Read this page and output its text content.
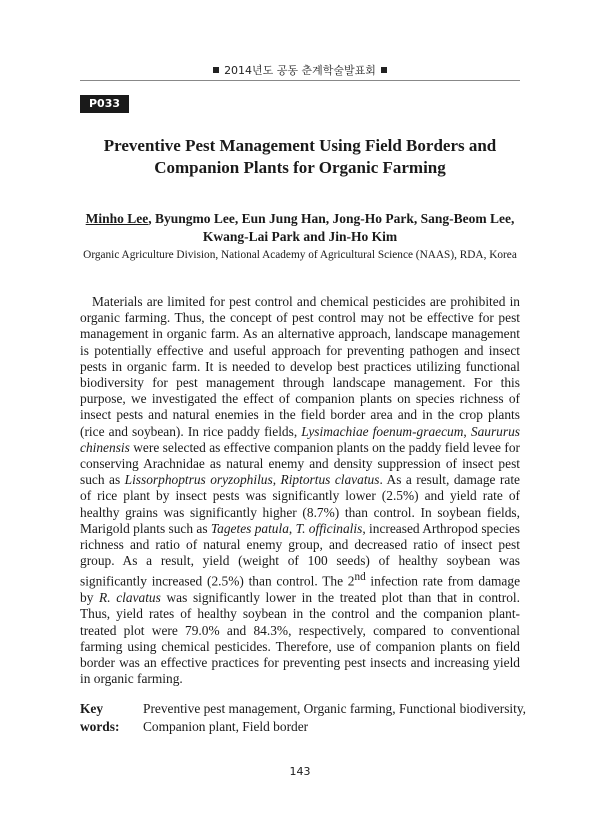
2014년도 공동 춘계학술발표회
P033
Preventive Pest Management Using Field Borders and
Companion Plants for Organic Farming
Minho Lee, Byungmo Lee, Eun Jung Han, Jong-Ho Park, Sang-Beom Lee,
Kwang-Lai Park and Jin-Ho Kim
Organic Agriculture Division, National Academy of Agricultural Science (NAAS), RDA, Korea

Materials are limited for pest control and chemical pesticides are prohibited in organic farming. Thus, the concept of pest control may not be effective for pest management in organic farm. As an alternative approach, landscape management is potentially effective and useful approach for preventing pathogen and insect pests in organic farm. It is needed to develop best practices utilizing functional biodiversity for pest management through landscape management. For this purpose, we investigated the effect of companion plants on species richness of insect pests and natural enemies in the field border area and in the crop plants (rice and soybean). In rice paddy fields, Lysimachiae foenum-graecum, Saururus chinensis were selected as effective companion plants on the paddy field levee for conserving Arachnidae as natural enemy and density suppression of insect pest such as Lissorphoptrus oryzophilus, Riptortus clavatus. As a result, damage rate of rice plant by insect pests was significantly lower (2.5%) and yield rate of healthy grains was significantly higher (8.7%) than control. In soybean fields, Marigold plants such as Tagetes patula, T. officinalis, increased Arthropod species richness and ratio of natural enemy group, and decreased ratio of insect pest group. As a result, yield (weight of 100 seeds) of healthy soybean was significantly increased (2.5%) than control. The 2nd infection rate from damage by R. clavatus was significantly lower in the treated plot than that in control. Thus, yield rates of healthy soybean in the control and the companion plant-treated plot were 79.0% and 84.3%, respectively, compared to conventional farming using chemical pesticides. Therefore, use of companion plants on field border was an effective practices for preventing pest insects and increasing yield in organic farming.

Key words:
Preventive pest management, Organic farming, Functional biodiversity, Companion plant, Field border
143
